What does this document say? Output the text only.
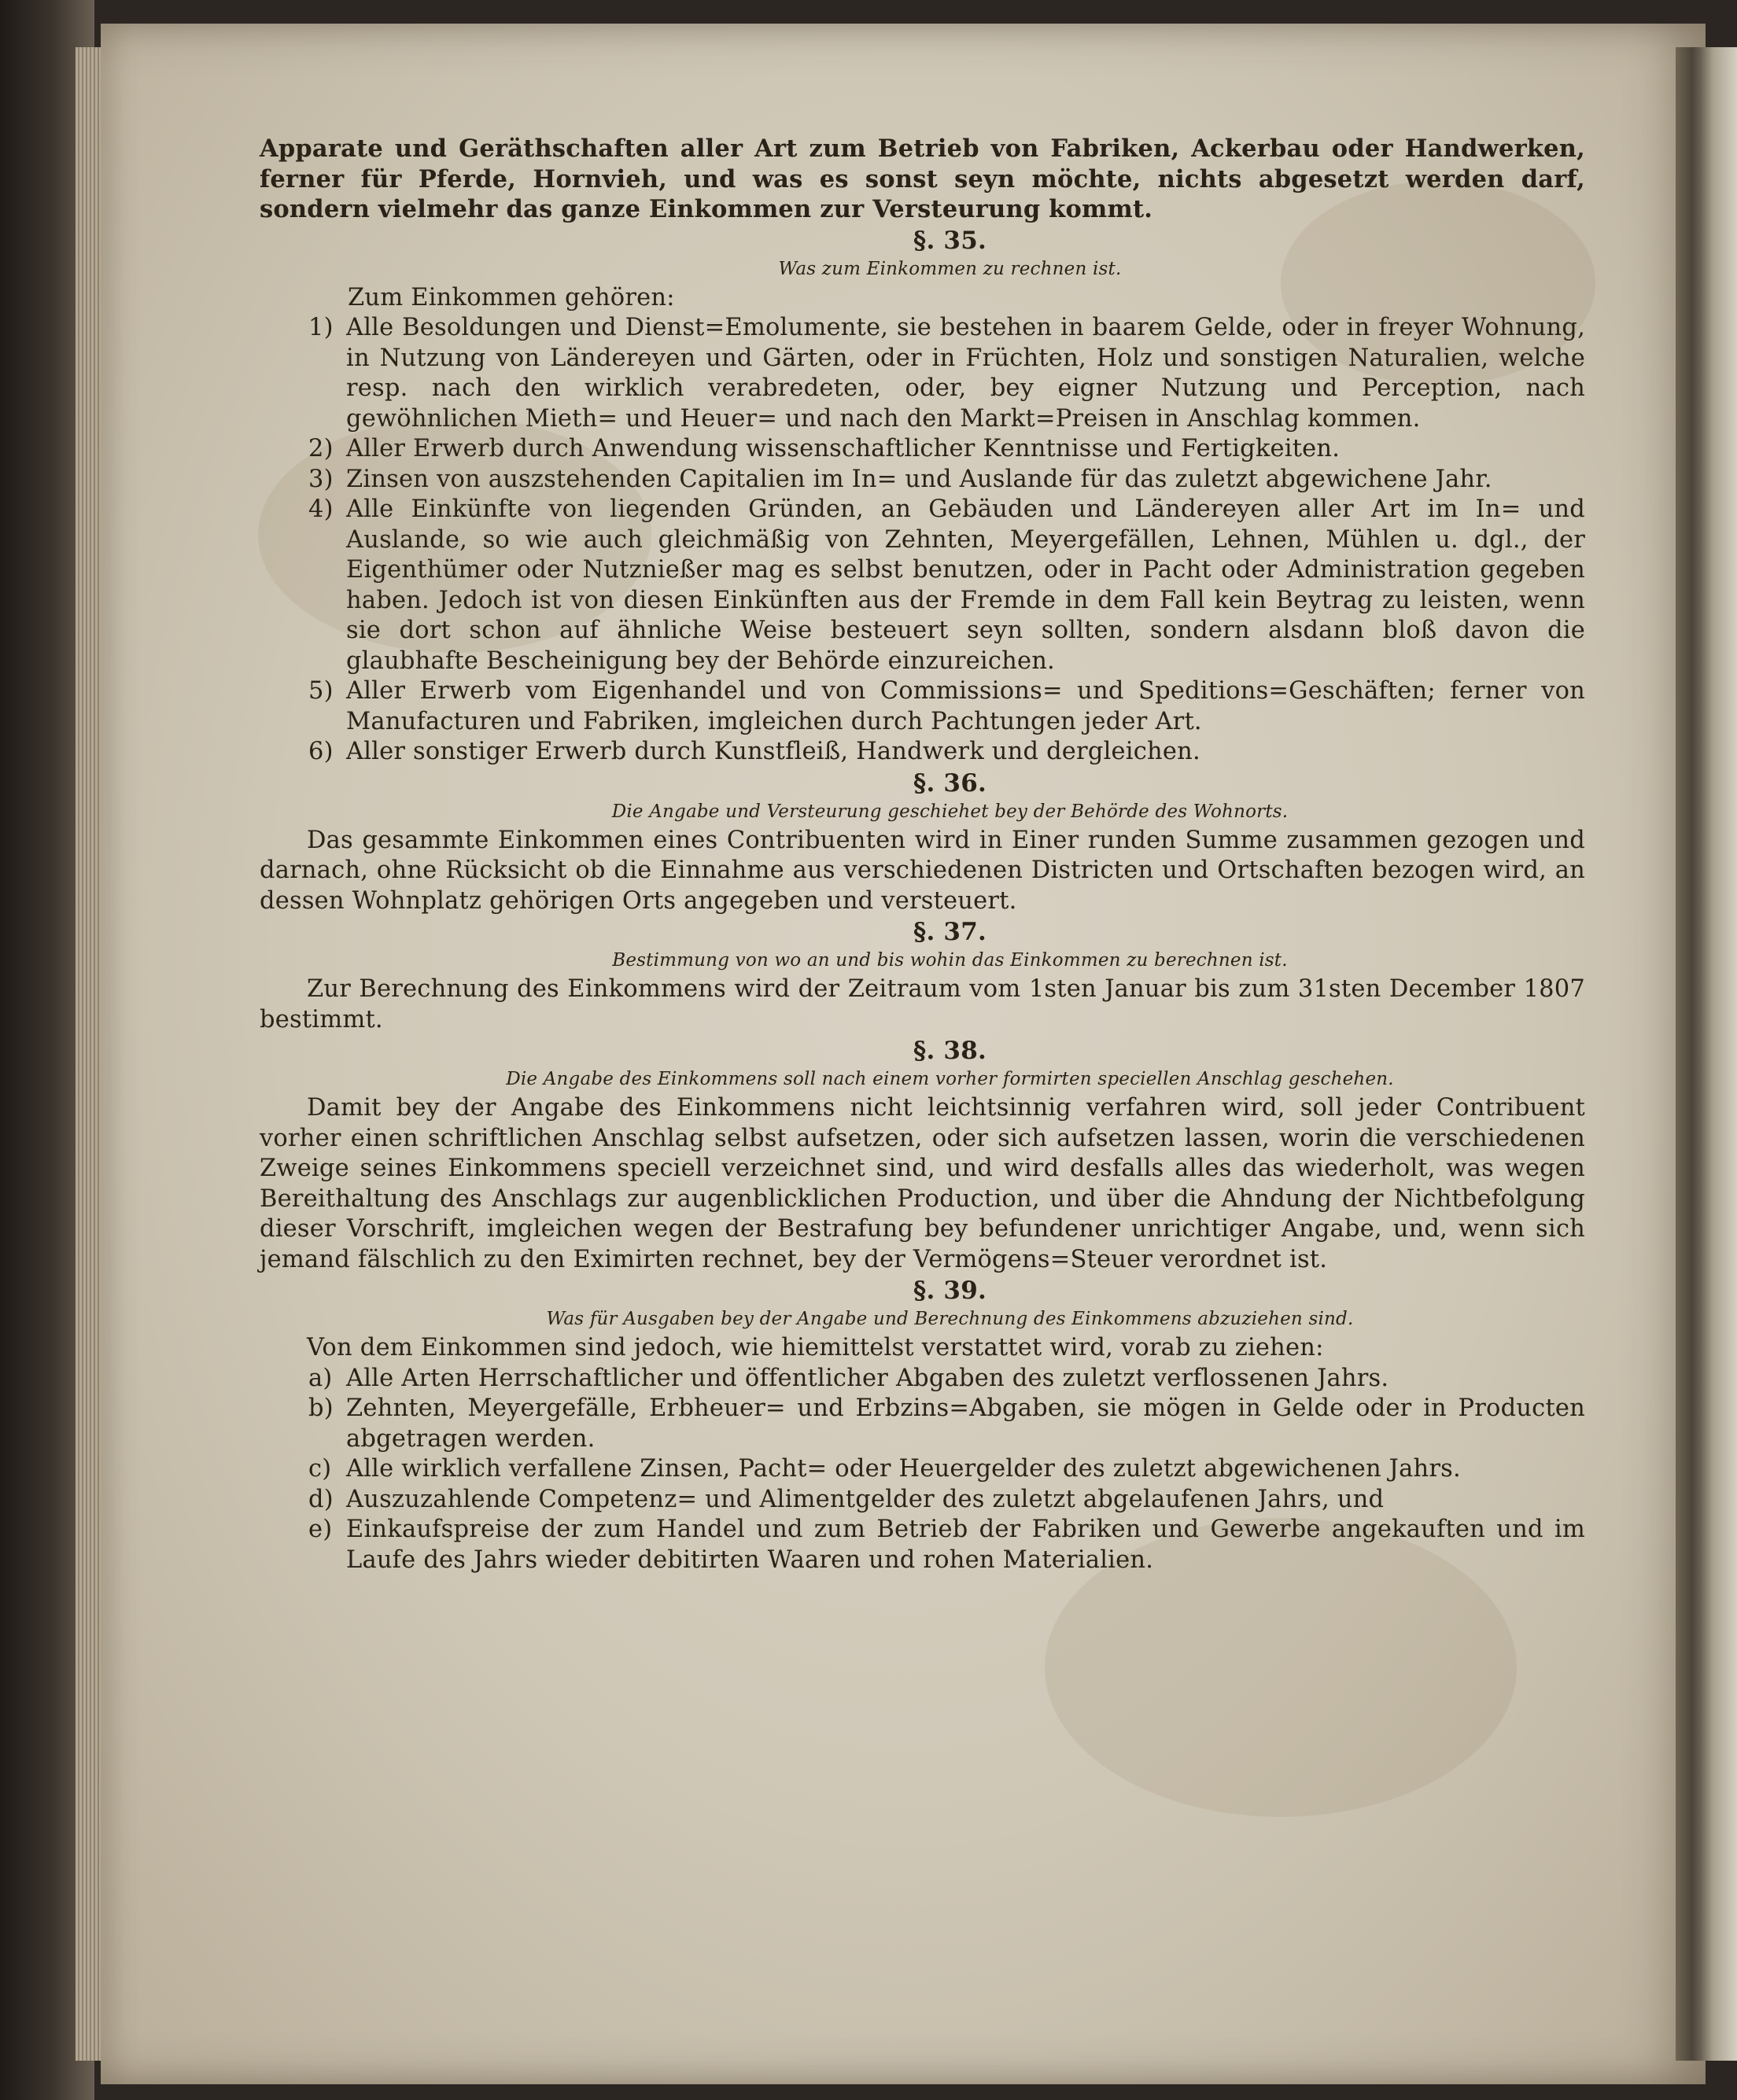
Apparate und Geräthschaften aller Art zum Betrieb von Fabriken, Ackerbau oder Handwerken, ferner für Pferde, Hornvieh, und was es sonst seyn möchte, nichts abgesetzt werden darf, sondern vielmehr das ganze Einkommen zur Versteurung kommt.

§. 35.

Was zum Einkommen zu rechnen ist.

Zum Einkommen gehören:

1) Alle Besoldungen und Dienst=Emolumente, sie bestehen in baarem Gelde, oder in freyer Wohnung, in Nutzung von Ländereyen und Gärten, oder in Früchten, Holz und sonstigen Naturalien, welche resp. nach den wirklich verabredeten, oder, bey eigner Nutzung und Perception, nach gewöhnlichen Mieth= und Heuer= und nach den Markt=Preisen in Anschlag kommen.
2) Aller Erwerb durch Anwendung wissenschaftlicher Kenntnisse und Fertigkeiten.
3) Zinsen von auszstehenden Capitalien im In= und Auslande für das zuletzt abgewichene Jahr.
4) Alle Einkünfte von liegenden Gründen, an Gebäuden und Ländereyen aller Art im In= und Auslande, so wie auch gleichmäßig von Zehnten, Meyergefällen, Lehnen, Mühlen u. dgl., der Eigenthümer oder Nutznießer mag es selbst benutzen, oder in Pacht oder Administration gegeben haben. Jedoch ist von diesen Einkünften aus der Fremde in dem Fall kein Beytrag zu leisten, wenn sie dort schon auf ähnliche Weise besteuert seyn sollten, sondern alsdann bloß davon die glaubhafte Bescheinigung bey der Behörde einzureichen.
5) Aller Erwerb vom Eigenhandel und von Commissions= und Speditions=Geschäften; ferner von Manufacturen und Fabriken, imgleichen durch Pachtungen jeder Art.
6) Aller sonstiger Erwerb durch Kunstfleiß, Handwerk und dergleichen.

§. 36.

Die Angabe und Versteurung geschiehet bey der Behörde des Wohnorts.

Das gesammte Einkommen eines Contribuenten wird in Einer runden Summe zusammen gezogen und darnach, ohne Rücksicht ob die Einnahme aus verschiedenen Districten und Ortschaften bezogen wird, an dessen Wohnplatz gehörigen Orts angegeben und versteuert.

§. 37.

Bestimmung von wo an und bis wohin das Einkommen zu berechnen ist.

Zur Berechnung des Einkommens wird der Zeitraum vom 1sten Januar bis zum 31sten December 1807 bestimmt.

§. 38.

Die Angabe des Einkommens soll nach einem vorher formirten speciellen Anschlag geschehen.

Damit bey der Angabe des Einkommens nicht leichtsinnig verfahren wird, soll jeder Contribuent vorher einen schriftlichen Anschlag selbst aufsetzen, oder sich aufsetzen lassen, worin die verschiedenen Zweige seines Einkommens speciell verzeichnet sind, und wird desfalls alles das wiederholt, was wegen Bereithaltung des Anschlags zur augenblicklichen Production, und über die Ahndung der Nichtbefolgung dieser Vorschrift, imgleichen wegen der Bestrafung bey befundener unrichtiger Angabe, und, wenn sich jemand fälschlich zu den Eximirten rechnet, bey der Vermögens=Steuer verordnet ist.

§. 39.

Was für Ausgaben bey der Angabe und Berechnung des Einkommens abzuziehen sind.

Von dem Einkommen sind jedoch, wie hiemittelst verstattet wird, vorab zu ziehen:

a) Alle Arten Herrschaftlicher und öffentlicher Abgaben des zuletzt verflossenen Jahrs.
b) Zehnten, Meyergefälle, Erbheuer= und Erbzins=Abgaben, sie mögen in Gelde oder in Producten abgetragen werden.
c) Alle wirklich verfallene Zinsen, Pacht= oder Heuergelder des zuletzt abgewichenen Jahrs.
d) Auszuzahlende Competenz= und Alimentgelder des zuletzt abgelaufenen Jahrs, und
e) Einkaufspreise der zum Handel und zum Betrieb der Fabriken und Gewerbe angekauften und im Laufe des Jahrs wieder debitirten Waaren und rohen Materialien.
